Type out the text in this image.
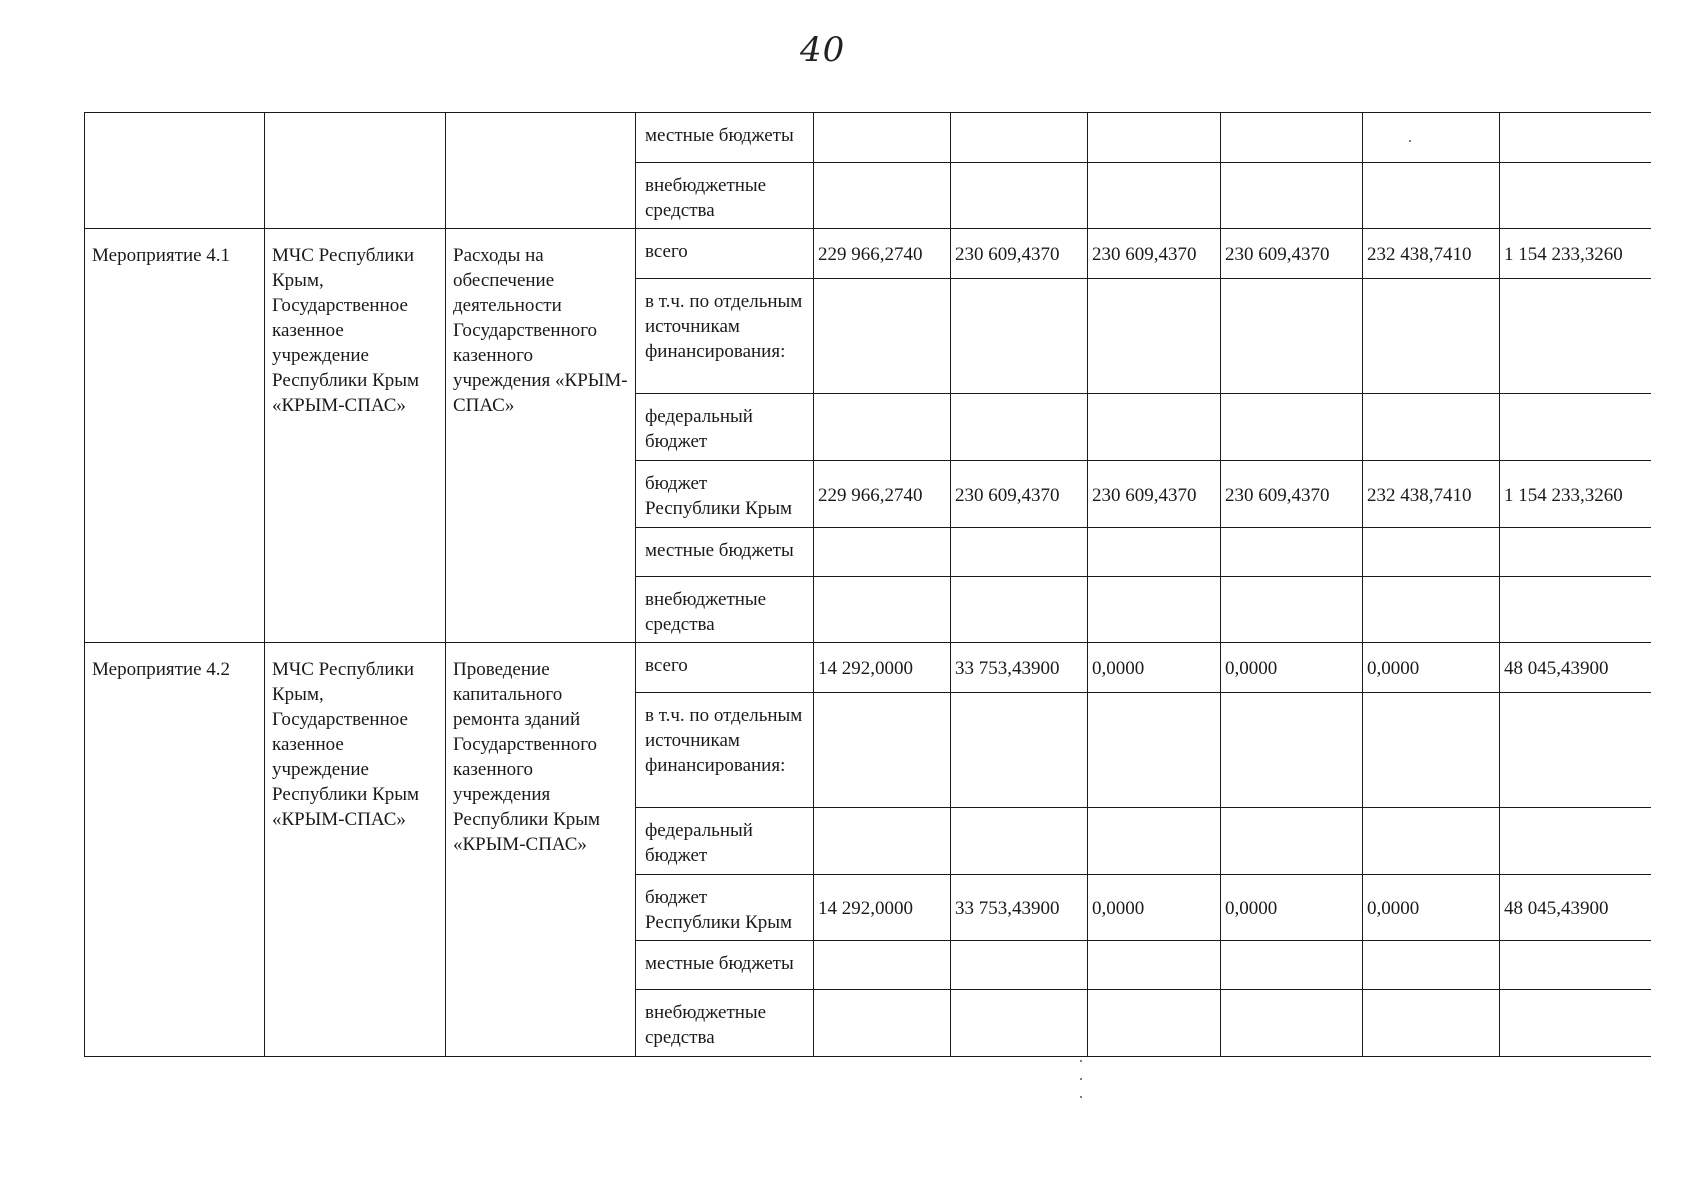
40
			местные бюджеты						
			внебюджетные средства						
Мероприятие 4.1	МЧС Республики Крым, Государственное казенное учреждение Республики Крым «КРЫМ-СПАС»	Расходы на обеспечение деятельности Государственного казенного учреждения «КРЫМ-СПАС»	всего	229 966,2740	230 609,4370	230 609,4370	230 609,4370	232 438,7410	1 154 233,3260
			в т.ч. по отдельным источникам финансирования:						
			федеральный бюджет						
			бюджет Республики Крым	229 966,2740	230 609,4370	230 609,4370	230 609,4370	232 438,7410	1 154 233,3260
			местные бюджеты						
			внебюджетные средства						
Мероприятие 4.2	МЧС Республики Крым, Государственное казенное учреждение Республики Крым «КРЫМ-СПАС»	Проведение капитального ремонта зданий Государственного казенного учреждения Республики Крым «КРЫМ-СПАС»	всего	14 292,0000	33 753,43900	0,0000	0,0000	0,0000	48 045,43900
			в т.ч. по отдельным источникам финансирования:						
			федеральный бюджет						
			бюджет Республики Крым	14 292,0000	33 753,43900	0,0000	0,0000	0,0000	48 045,43900
			местные бюджеты						
			внебюджетные средства						
